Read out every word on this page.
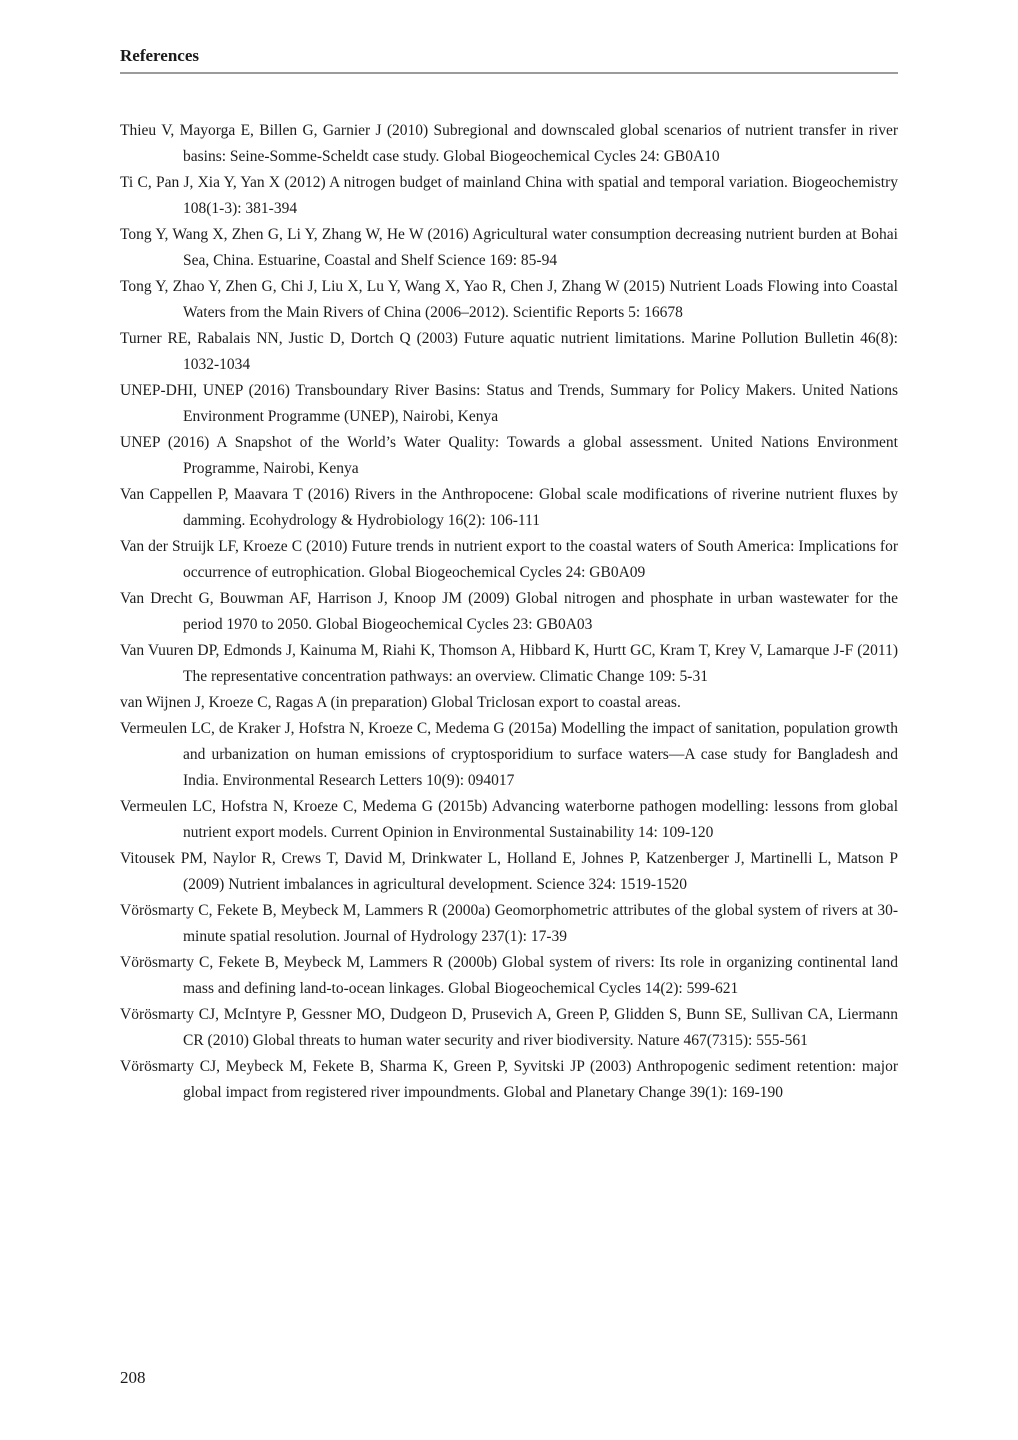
References

Thieu V, Mayorga E, Billen G, Garnier J (2010) Subregional and downscaled global scenarios of nutrient transfer in river basins: Seine-Somme-Scheldt case study. Global Biogeochemical Cycles 24: GB0A10

Ti C, Pan J, Xia Y, Yan X (2012) A nitrogen budget of mainland China with spatial and temporal variation. Biogeochemistry 108(1-3): 381-394

Tong Y, Wang X, Zhen G, Li Y, Zhang W, He W (2016) Agricultural water consumption decreasing nutrient burden at Bohai Sea, China. Estuarine, Coastal and Shelf Science 169: 85-94

Tong Y, Zhao Y, Zhen G, Chi J, Liu X, Lu Y, Wang X, Yao R, Chen J, Zhang W (2015) Nutrient Loads Flowing into Coastal Waters from the Main Rivers of China (2006–2012). Scientific Reports 5: 16678

Turner RE, Rabalais NN, Justic D, Dortch Q (2003) Future aquatic nutrient limitations. Marine Pollution Bulletin 46(8): 1032-1034

UNEP-DHI, UNEP (2016) Transboundary River Basins: Status and Trends, Summary for Policy Makers. United Nations Environment Programme (UNEP), Nairobi, Kenya

UNEP (2016) A Snapshot of the World’s Water Quality: Towards a global assessment. United Nations Environment Programme, Nairobi, Kenya

Van Cappellen P, Maavara T (2016) Rivers in the Anthropocene: Global scale modifications of riverine nutrient fluxes by damming. Ecohydrology & Hydrobiology 16(2): 106-111

Van der Struijk LF, Kroeze C (2010) Future trends in nutrient export to the coastal waters of South America: Implications for occurrence of eutrophication. Global Biogeochemical Cycles 24: GB0A09

Van Drecht G, Bouwman AF, Harrison J, Knoop JM (2009) Global nitrogen and phosphate in urban wastewater for the period 1970 to 2050. Global Biogeochemical Cycles 23: GB0A03

Van Vuuren DP, Edmonds J, Kainuma M, Riahi K, Thomson A, Hibbard K, Hurtt GC, Kram T, Krey V, Lamarque J-F (2011) The representative concentration pathways: an overview. Climatic Change 109: 5-31

van Wijnen J, Kroeze C, Ragas A (in preparation) Global Triclosan export to coastal areas.

Vermeulen LC, de Kraker J, Hofstra N, Kroeze C, Medema G (2015a) Modelling the impact of sanitation, population growth and urbanization on human emissions of cryptosporidium to surface waters—A case study for Bangladesh and India. Environmental Research Letters 10(9): 094017

Vermeulen LC, Hofstra N, Kroeze C, Medema G (2015b) Advancing waterborne pathogen modelling: lessons from global nutrient export models. Current Opinion in Environmental Sustainability 14: 109-120

Vitousek PM, Naylor R, Crews T, David M, Drinkwater L, Holland E, Johnes P, Katzenberger J, Martinelli L, Matson P (2009) Nutrient imbalances in agricultural development. Science 324: 1519-1520

Vörösmarty C, Fekete B, Meybeck M, Lammers R (2000a) Geomorphometric attributes of the global system of rivers at 30-minute spatial resolution. Journal of Hydrology 237(1): 17-39

Vörösmarty C, Fekete B, Meybeck M, Lammers R (2000b) Global system of rivers: Its role in organizing continental land mass and defining land-to-ocean linkages. Global Biogeochemical Cycles 14(2): 599-621

Vörösmarty CJ, McIntyre P, Gessner MO, Dudgeon D, Prusevich A, Green P, Glidden S, Bunn SE, Sullivan CA, Liermann CR (2010) Global threats to human water security and river biodiversity. Nature 467(7315): 555-561

Vörösmarty CJ, Meybeck M, Fekete B, Sharma K, Green P, Syvitski JP (2003) Anthropogenic sediment retention: major global impact from registered river impoundments. Global and Planetary Change 39(1): 169-190

208
